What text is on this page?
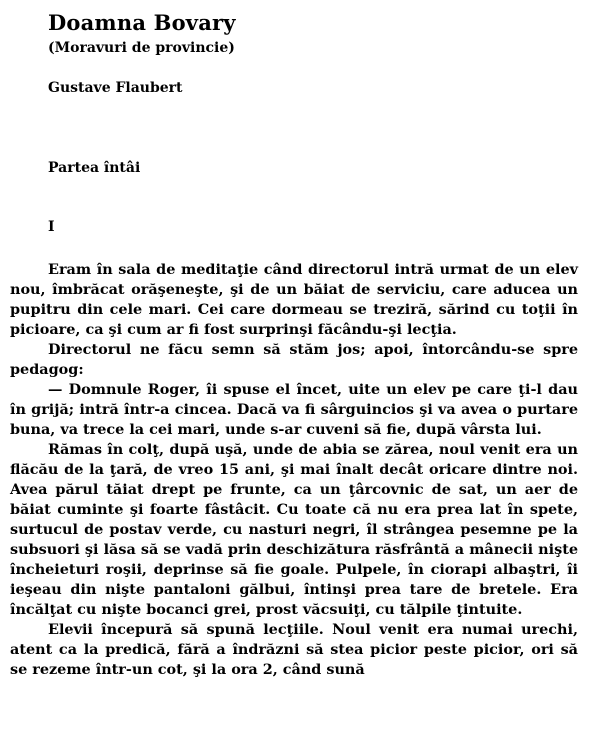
Doamna Bovary
(Moravuri de provincie)
Gustave Flaubert
Partea întâi
I

Eram în sala de meditaţie când directorul intră urmat de un elev nou, îmbrăcat orăşeneşte, şi de un băiat de serviciu, care aducea un pupitru din cele mari. Cei care dormeau se treziră, sărind cu toţii în picioare, ca şi cum ar fi fost surprinşi făcându-şi lecţia.

Directorul ne făcu semn să stăm jos; apoi, întorcându-se spre pedagog:

— Domnule Roger, îi spuse el încet, uite un elev pe care ţi-l dau în grijă; intră într-a cincea. Dacă va fi sârguincios şi va avea o purtare buna, va trece la cei mari, unde s-ar cuveni să fie, după vârsta lui.

Rămas în colţ, după uşă, unde de abia se zărea, noul venit era un flăcău de la ţară, de vreo 15 ani, şi mai înalt decât oricare dintre noi. Avea părul tăiat drept pe frunte, ca un ţârcovnic de sat, un aer de băiat cuminte şi foarte fâstâcit. Cu toate că nu era prea lat în spete, surtucul de postav verde, cu nasturi negri, îl strângea pesemne pe la subsuori şi lăsa să se vadă prin deschizătura răsfrântă a mânecii nişte încheieturi roşii, deprinse să fie goale. Pulpele, în ciorapi albaştri, îi ieşeau din nişte pantaloni gălbui, întinşi prea tare de bretele. Era încălţat cu nişte bocanci grei, prost văcsuiţi, cu tălpile ţintuite.

Elevii începură să spună lecţiile. Noul venit era numai urechi, atent ca la predică, fără a îndrăzni să stea picior peste picior, ori să se rezeme într-un cot, şi la ora 2, când sună
